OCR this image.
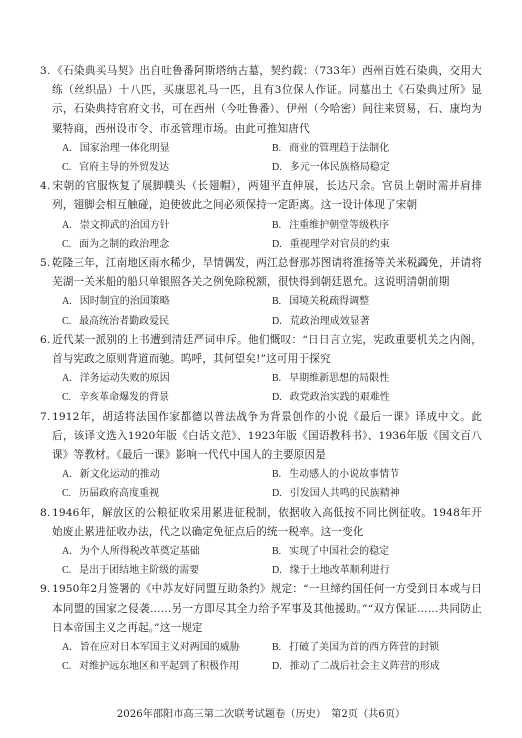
3. 《石染典买马契》出自吐鲁番阿斯塔纳古墓，契约载：（733年）西州百姓石染典，交用大练（丝织品）十八匹，买康思礼马一匹，且有3位保人作证。同墓出土《石染典过所》显示，石染典持官府文书，可在西州（今吐鲁番）、伊州（今哈密）间往来贸易，石、康均为粟特商，西州设市令、市丞管理市场。由此可推知唐代

A. 国家治理一体化明显	B. 商业的管理趋于法制化
C. 官府主导的外贸发达	D. 多元一体民族格局稳定

4. 宋朝的官服恢复了展脚幞头（长翅帽），两翅平直伸展，长达尺余。官员上朝时需并肩排列，翅脚会相互触碰，迫使彼此之间必须保持一定距离。这一设计体现了宋朝

A. 崇文抑武的治国方针	B. 注重维护朝堂等级秩序
C. 面为之制的政治理念	D. 重视理学对官员的约束

5. 乾隆三年，江南地区雨水稀少，旱情偶发，两江总督那苏图请将淮扬等关米税蠲免，并请将芜湖一关米船的船只单银照各关之例免除税额，很快得到朝廷恩允。这说明清朝前期

A. 因时制宜的治国策略	B. 国境关税疏得调整
C. 最高统治者勤政爱民	D. 荒政治理成效显著

6. 近代某一派别的上书遭到清廷严词申斥。他们慨叹：“日日言立宪，宪政重要机关之内阁，首与宪政之原则背道而驰。呜呼，其何望矣!”这可用于探究

A. 洋务运动失败的原因	B. 早期维新思想的局限性
C. 辛亥革命爆发的背景	D. 政党政治实践的艰难性

7. 1912年，胡适将法国作家都德以普法战争为背景创作的小说《最后一课》译成中文。此后，该译文选入1920年版《白话文范》、1923年版《国语教科书》、1936年版《国文百八课》等教材。《最后一课》影响一代代中国人的主要原因是

A. 新文化运动的推动	B. 生动感人的小说故事情节
C. 历届政府高度重视	D. 引发国人共鸣的民族精神

8. 1946年，解放区的公粮征收采用累进征税制，依据收入高低按不同比例征收。1948年开始废止累进征收办法，代之以确定免征点后的统一税率。这一变化

A. 为个人所得税改革奠定基础	B. 实现了中国社会的稳定
C. 是出于团结地主阶级的需要	D. 缘于土地改革顺利进行

9. 1950年2月签署的《中苏友好同盟互助条约》规定：“一旦缔约国任何一方受到日本或与日本同盟的国家之侵袭……另一方即尽其全力给予军事及其他援助。”“双方保证……共同防止日本帝国主义之再起。”这一规定

A. 旨在应对日本军国主义对两国的威胁	B. 打破了美国为首的西方阵营的封锁
C. 对维护远东地区和平起到了积极作用	D. 推动了二战后社会主义阵营的形成
2026年邵阳市高三第二次联考试题卷（历史）　第2页（共6页）
